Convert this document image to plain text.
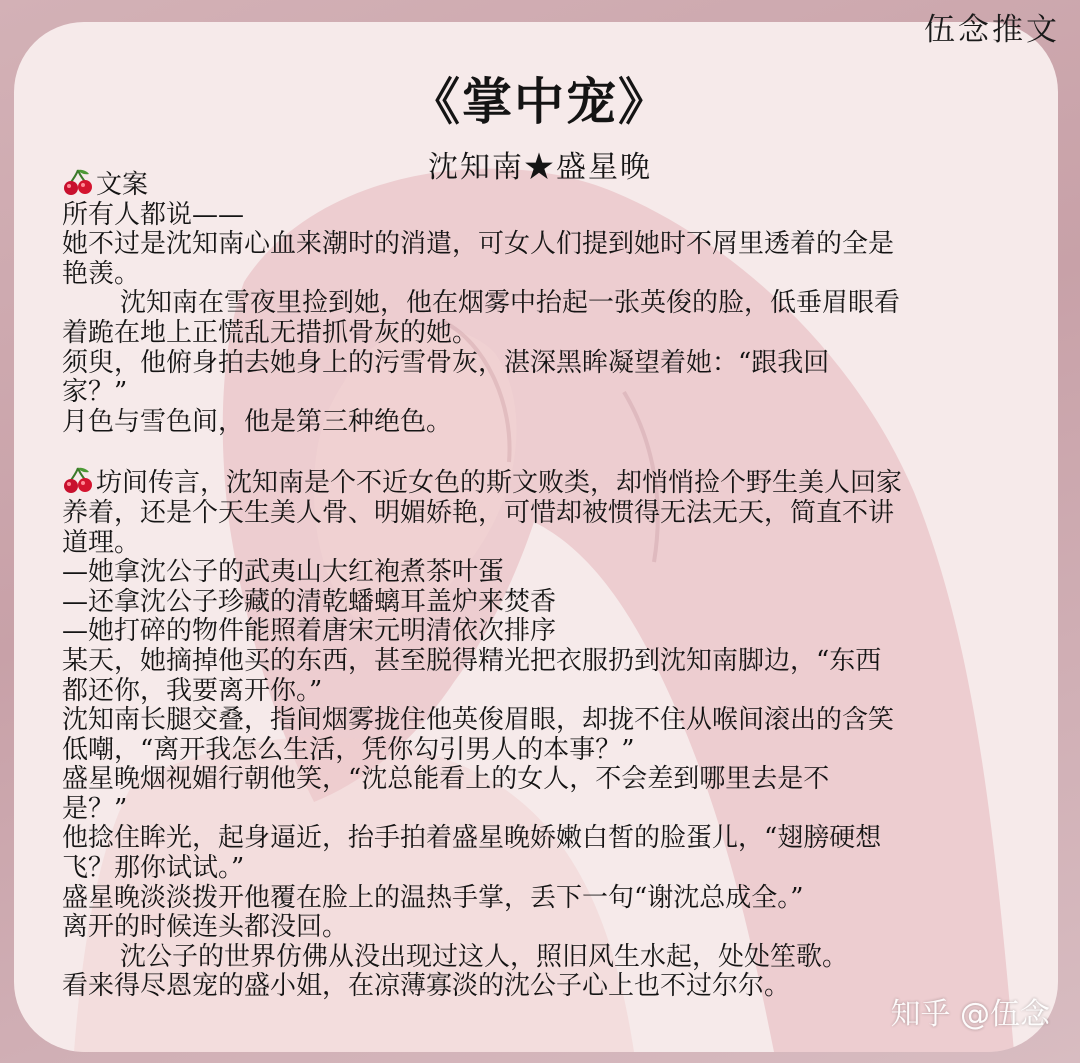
伍念推文
《掌中宠》
沈知南★盛星晚

文案

所有人都说——

她不过是沈知南心血来潮时的消遣，可女人们提到她时不屑里透着的全是

艳羡。

沈知南在雪夜里捡到她，他在烟雾中抬起一张英俊的脸，低垂眉眼看

着跪在地上正慌乱无措抓骨灰的她。

须臾，他俯身拍去她身上的污雪骨灰，湛深黑眸凝望着她：“跟我回

家？”

月色与雪色间，他是第三种绝色。

坊间传言，沈知南是个不近女色的斯文败类，却悄悄捡个野生美人回家

养着，还是个天生美人骨、明媚娇艳，可惜却被惯得无法无天，简直不讲

道理。

—她拿沈公子的武夷山大红袍煮茶叶蛋

—还拿沈公子珍藏的清乾蟠螭耳盖炉来焚香

—她打碎的物件能照着唐宋元明清依次排序

某天，她摘掉他买的东西，甚至脱得精光把衣服扔到沈知南脚边，“东西

都还你，我要离开你。”

沈知南长腿交叠，指间烟雾拢住他英俊眉眼，却拢不住从喉间滚出的含笑

低嘲，“离开我怎么生活，凭你勾引男人的本事？”

盛星晚烟视媚行朝他笑，“沈总能看上的女人，不会差到哪里去是不

是？”

他捻住眸光，起身逼近，抬手拍着盛星晚娇嫩白皙的脸蛋儿，“翅膀硬想

飞？那你试试。”

盛星晚淡淡拨开他覆在脸上的温热手掌，丢下一句“谢沈总成全。”

离开的时候连头都没回。

沈公子的世界仿佛从没出现过这人，照旧风生水起，处处笙歌。

看来得尽恩宠的盛小姐，在凉薄寡淡的沈公子心上也不过尔尔。

知乎 @伍念
